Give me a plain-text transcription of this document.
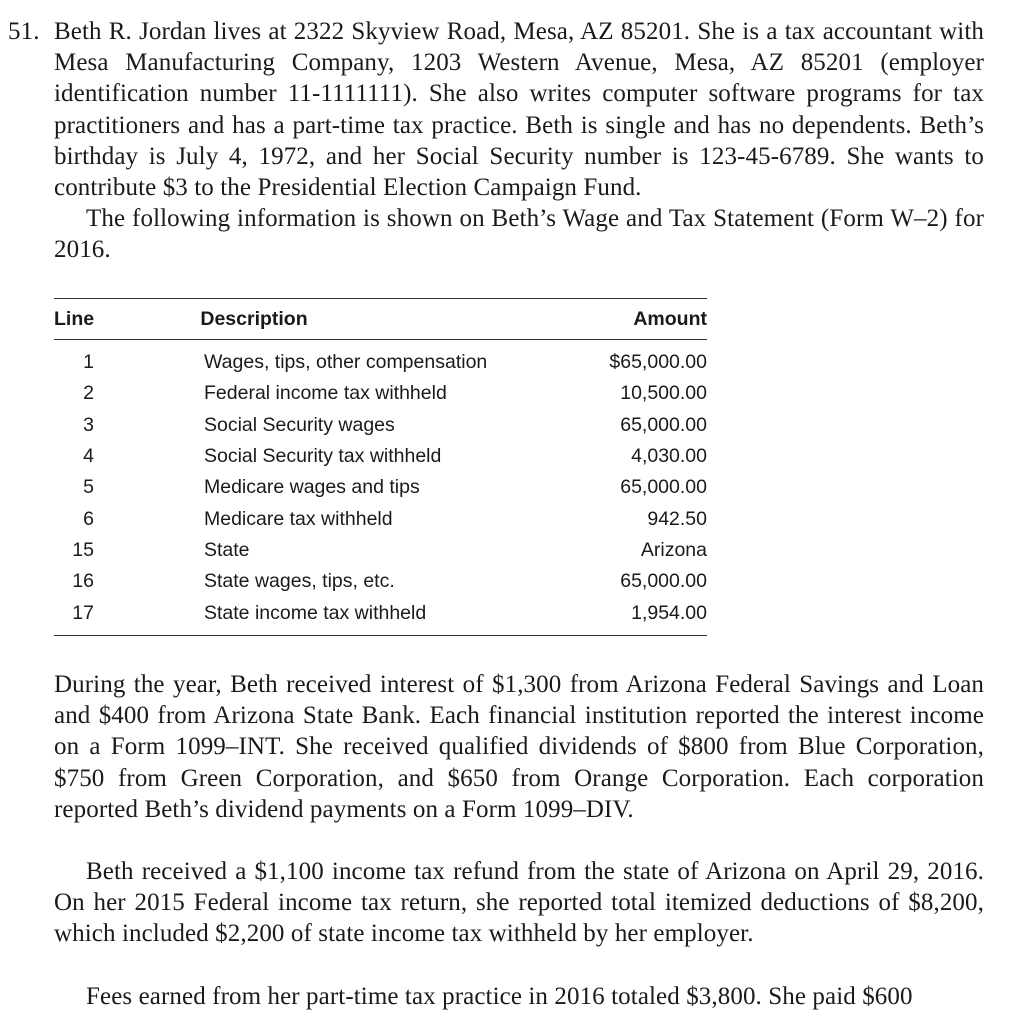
51. Beth R. Jordan lives at 2322 Skyview Road, Mesa, AZ 85201. She is a tax accountant with Mesa Manufacturing Company, 1203 Western Avenue, Mesa, AZ 85201 (employer identification number 11-1111111). She also writes computer software programs for tax practitioners and has a part-time tax practice. Beth is single and has no dependents. Beth’s birthday is July 4, 1972, and her Social Security number is 123-45-6789. She wants to contribute $3 to the Presidential Election Campaign Fund.

The following information is shown on Beth’s Wage and Tax Statement (Form W–2) for 2016.

Line	Description	Amount
1	Wages, tips, other compensation	$65,000.00
2	Federal income tax withheld	10,500.00
3	Social Security wages	65,000.00
4	Social Security tax withheld	4,030.00
5	Medicare wages and tips	65,000.00
6	Medicare tax withheld	942.50
15	State	Arizona
16	State wages, tips, etc.	65,000.00
17	State income tax withheld	1,954.00

During the year, Beth received interest of $1,300 from Arizona Federal Savings and Loan and $400 from Arizona State Bank. Each financial institution reported the interest income on a Form 1099–INT. She received qualified dividends of $800 from Blue Corporation, $750 from Green Corporation, and $650 from Orange Corporation. Each corporation reported Beth’s dividend payments on a Form 1099–DIV.

Beth received a $1,100 income tax refund from the state of Arizona on April 29, 2016. On her 2015 Federal income tax return, she reported total itemized deductions of $8,200, which included $2,200 of state income tax withheld by her employer.

Fees earned from her part-time tax practice in 2016 totaled $3,800. She paid $600
